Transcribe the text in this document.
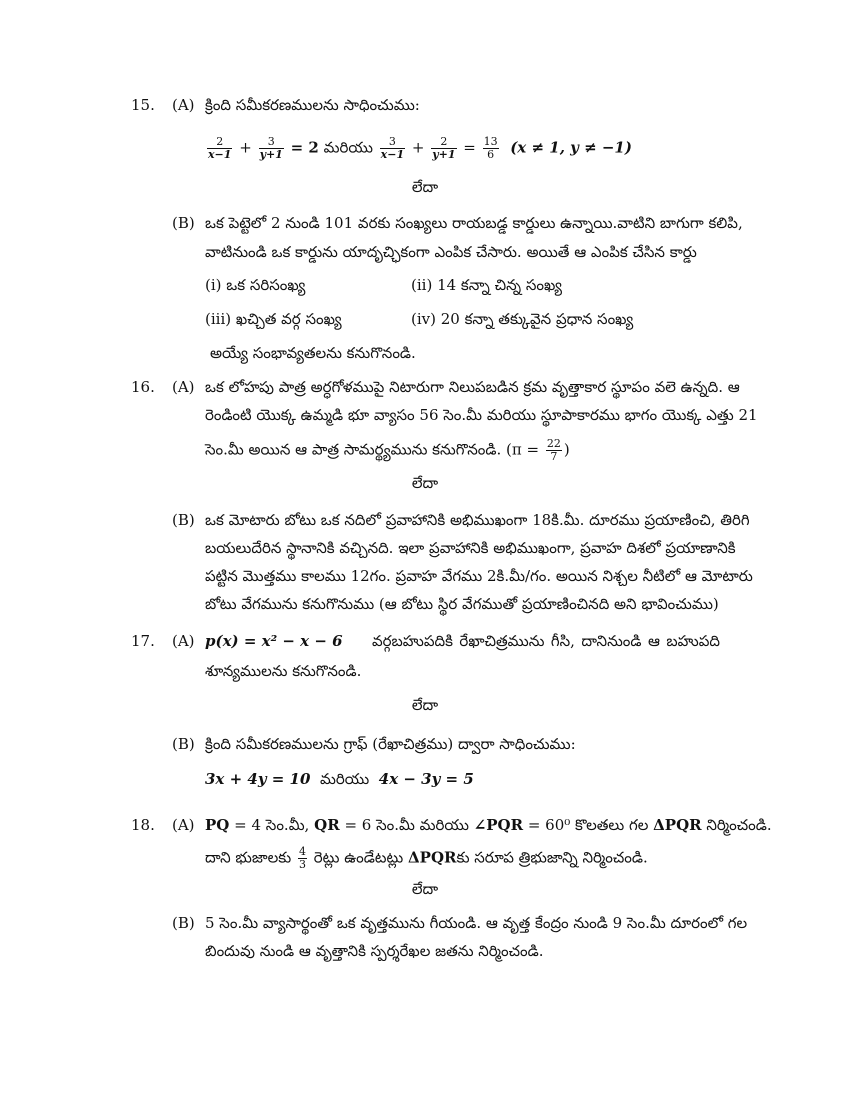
15. (A) క్రింది సమీకరణములను సాధించుము:
$\frac{2}{x-1} + \frac{3}{y+1} = 2$ మరియు $\frac{3}{x-1} + \frac{2}{y+1} = \frac{13}{6} (x \ne 1$, y ≠ −1)
లేదా
(B) ఒక పెట్టెలో 2 నుండి 101 వరకు సంఖ్యలు రాయబడ్డ కార్డులు ఉన్నాయి.వాటిని బాగుగా కలిపి,
వాటినుండి ఒక కార్డును యాదృచ్ఛికంగా ఎంపిక చేసారు. అయితే ఆ ఎంపిక చేసిన కార్డు
(i) ఒక సరిసంఖ్య	(ii) 14 కన్నా చిన్న సంఖ్య
(iii) ఖచ్చిత వర్గ సంఖ్య	(iv) 20 కన్నా తక్కువైన ప్రధాన సంఖ్య
అయ్యే సంభావ్యతలను కనుగొనండి.
16. (A) ఒక లోహపు పాత్ర అర్ధగోళముపై నిటారుగా నిలుపబడిన క్రమ వృత్తాకార స్థూపం వలె ఉన్నది. ఆ
రెండింటి యొక్క ఉమ్మడి భూ వ్యాసం 56 సెం.మీ మరియు స్థూపాకారము భాగం యొక్క ఎత్తు 21
సెం.మీ అయిన ఆ పాత్ర సామర్థ్యమును కనుగొనండి. ($\pi = \frac{22}{7}$ )
లేదా
(B) ఒక మోటారు బోటు ఒక నదిలో ప్రవాహానికి అభిముఖంగా 18కి.మీ. దూరము ప్రయాణించి, తిరిగి
బయలుదేరిన స్థానానికి వచ్చినది. ఇలా ప్రవాహానికి అభిముఖంగా, ప్రవాహ దిశలో ప్రయాణానికి
పట్టిన మొత్తము కాలము 12గం. ప్రవాహ వేగము 2కి.మీ/గం. అయిన నిశ్చల నీటిలో ఆ మోటారు
బోటు వేగమును కనుగొనుము (ఆ బోటు స్థిర వేగముతో ప్రయాణించినది అని భావించుము)
17. (A) p(x) = x² − x − 6 వర్గబహుపదికి రేఖాచిత్రమును గీసి, దానినుండి ఆ బహుపది
శూన్యములను కనుగొనండి.
లేదా
(B) క్రింది సమీకరణములను గ్రాఫ్ (రేఖాచిత్రము) ద్వారా సాధించుము:
3x + 4y = 10 మరియు 4x − 3y = 5
18. (A) PQ = 4 సెం.మీ, QR = 6 సెం.మీ మరియు ∠PQR = 60⁰ కొలతలు గల ΔPQR నిర్మించండి.
దాని భుజాలకు $\frac{4}{3}$ రెట్లు ఉండేటట్లు ΔPQRకు సరూప త్రిభుజాన్ని నిర్మించండి.
లేదా
(B) 5 సెం.మీ వ్యాసార్థంతో ఒక వృత్తమును గీయండి. ఆ వృత్త కేంద్రం నుండి 9 సెం.మీ దూరంలో గల
బిందువు నుండి ఆ వృత్తానికి స్పర్శరేఖల జతను నిర్మించండి.
